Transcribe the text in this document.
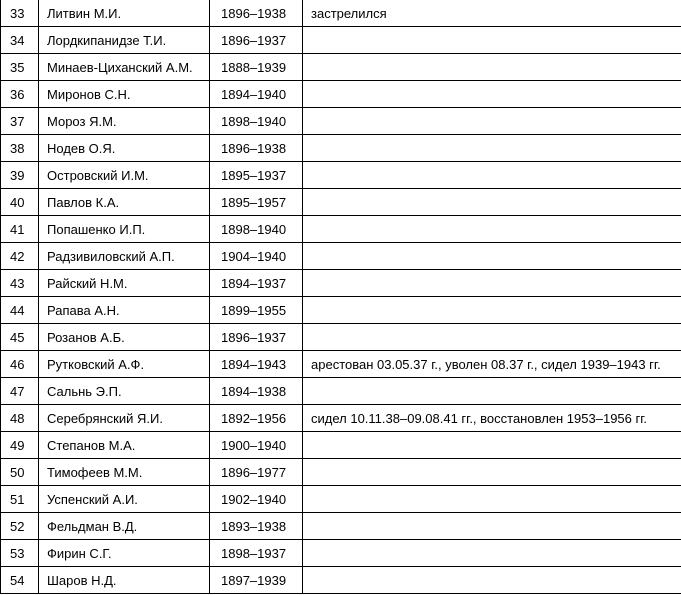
33	Литвин М.И.	1896–1938	застрелился
34	Лордкипанидзе Т.И.	1896–1937	
35	Минаев-Циханский А.М.	1888–1939	
36	Миронов С.Н.	1894–1940	
37	Мороз Я.М.	1898–1940	
38	Нодев О.Я.	1896–1938	
39	Островский И.М.	1895–1937	
40	Павлов К.А.	1895–1957	
41	Попашенко И.П.	1898–1940	
42	Радзивиловский А.П.	1904–1940	
43	Райский Н.М.	1894–1937	
44	Рапава А.Н.	1899–1955	
45	Розанов А.Б.	1896–1937	
46	Рутковский А.Ф.	1894–1943	арестован 03.05.37 г., уволен 08.37 г., сидел 1939–1943 гг.
47	Сальнь Э.П.	1894–1938	
48	Серебрянский Я.И.	1892–1956	сидел 10.11.38–09.08.41 гг., восстановлен 1953–1956 гг.
49	Степанов М.А.	1900–1940	
50	Тимофеев М.М.	1896–1977	
51	Успенский А.И.	1902–1940	
52	Фельдман В.Д.	1893–1938	
53	Фирин С.Г.	1898–1937	
54	Шаров Н.Д.	1897–1939	
